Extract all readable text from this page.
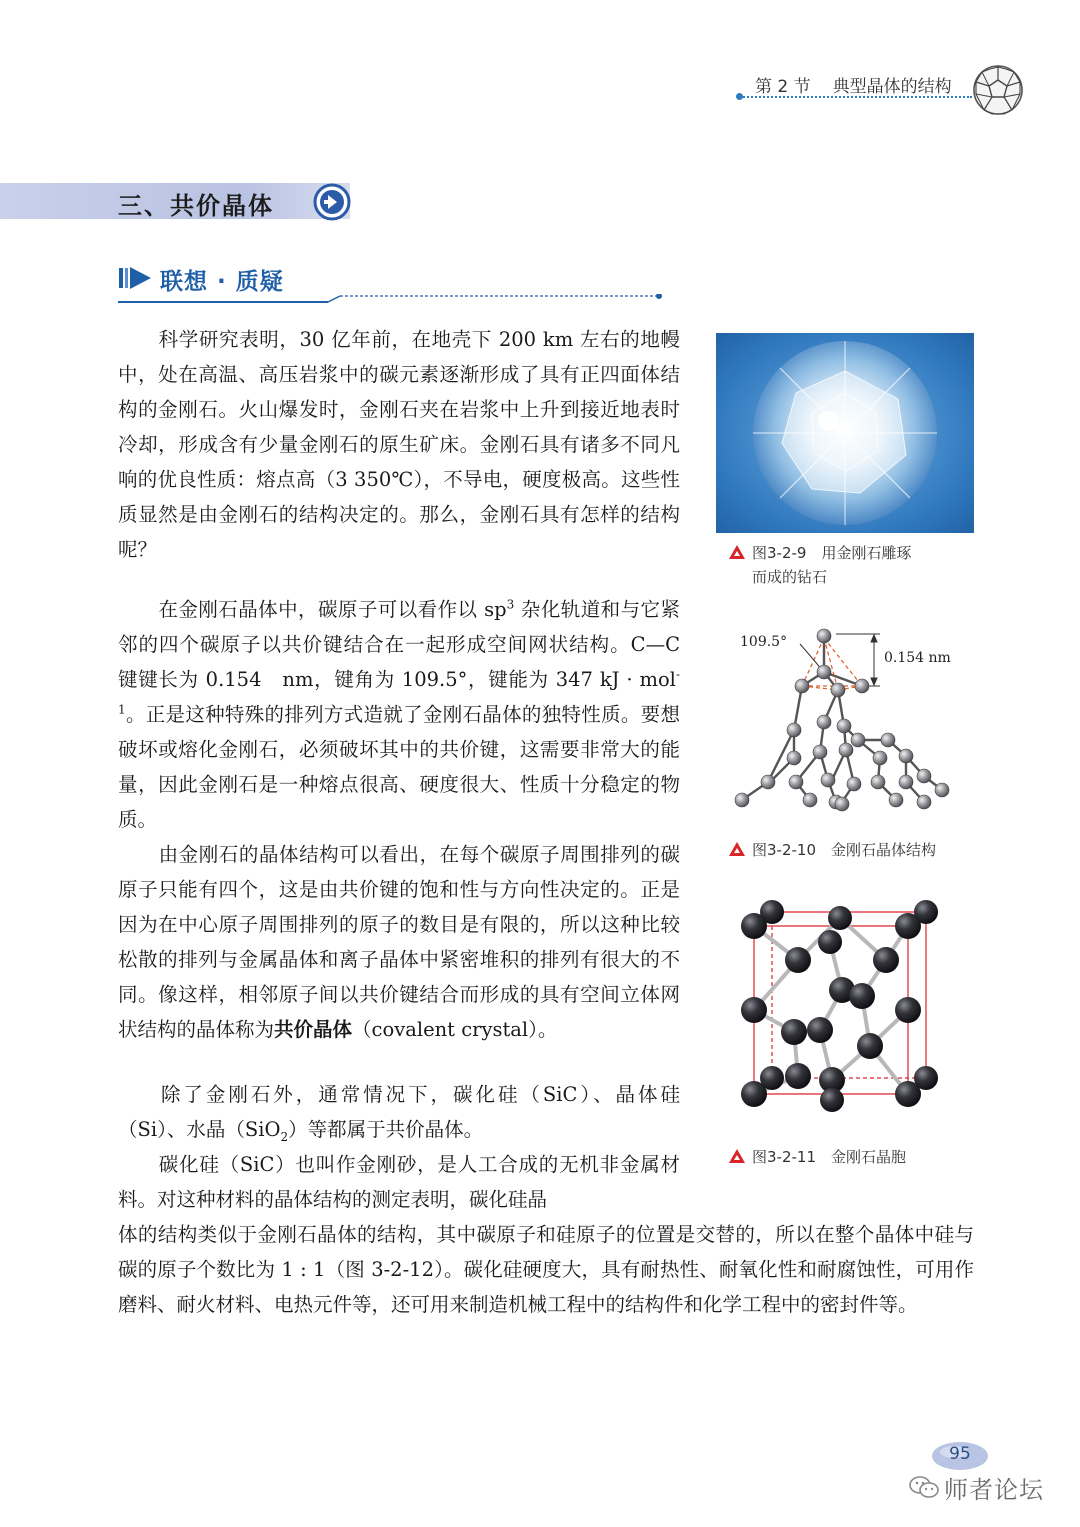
第 2 节 典型晶体的结构
三、共价晶体
联想 · 质疑

科学研究表明，30 亿年前，在地壳下 200 km 左右的地幔中，处在高温、高压岩浆中的碳元素逐渐形成了具有正四面体结构的金刚石。火山爆发时，金刚石夹在岩浆中上升到接近地表时冷却，形成含有少量金刚石的原生矿床。金刚石具有诸多不同凡响的优良性质：熔点高（3 350℃），不导电，硬度极高。这些性质显然是由金刚石的结构决定的。那么，金刚石具有怎样的结构呢？	图3-2-9　用金刚石雕琢
而成的钻石

在金刚石晶体中，碳原子可以看作以 $sp^3$ 杂化轨道和与它紧邻的四个碳原子以共价键结合在一起形成空间网状结构。C—C 键键长为 0.154　nm，键角为 109.5°，键能为 347 kJ · mol$^{-1}$。正是这种特殊的排列方式造就了金刚石晶体的独特性质。要想破坏或熔化金刚石，必须破坏其中的共价键，这需要非常大的能量，因此金刚石是一种熔点很高、硬度很大、性质十分稳定的物质。

109.5°
0.154 nm
图3-2-10　金刚石晶体结构

由金刚石的晶体结构可以看出，在每个碳原子周围排列的碳原子只能有四个，这是由共价键的饱和性与方向性决定的。正是因为在中心原子周围排列的原子的数目是有限的，所以这种比较松散的排列与金属晶体和离子晶体中紧密堆积的排列有很大的不同。像这样，相邻原子间以共价键结合而形成的具有空间立体网状结构的晶体称为共价晶体（covalent crystal）。

图3-2-11　金刚石晶胞

除了金刚石外，通常情况下，碳化硅（SiC）、晶体硅（Si）、水晶（SiO$_2$）等都属于共价晶体。

碳化硅（SiC）也叫作金刚砂，是人工合成的无机非金属材料。对这种材料的晶体结构的测定表明，碳化硅晶

体的结构类似于金刚石晶体的结构，其中碳原子和硅原子的位置是交替的，所以在整个晶体中硅与碳的原子个数比为 1 : 1（图 3-2-12）。碳化硅硬度大，具有耐热性、耐氧化性和耐腐蚀性，可用作磨料、耐火材料、电热元件等，还可用来制造机械工程中的结构件和化学工程中的密封件等。

95
师者论坛
